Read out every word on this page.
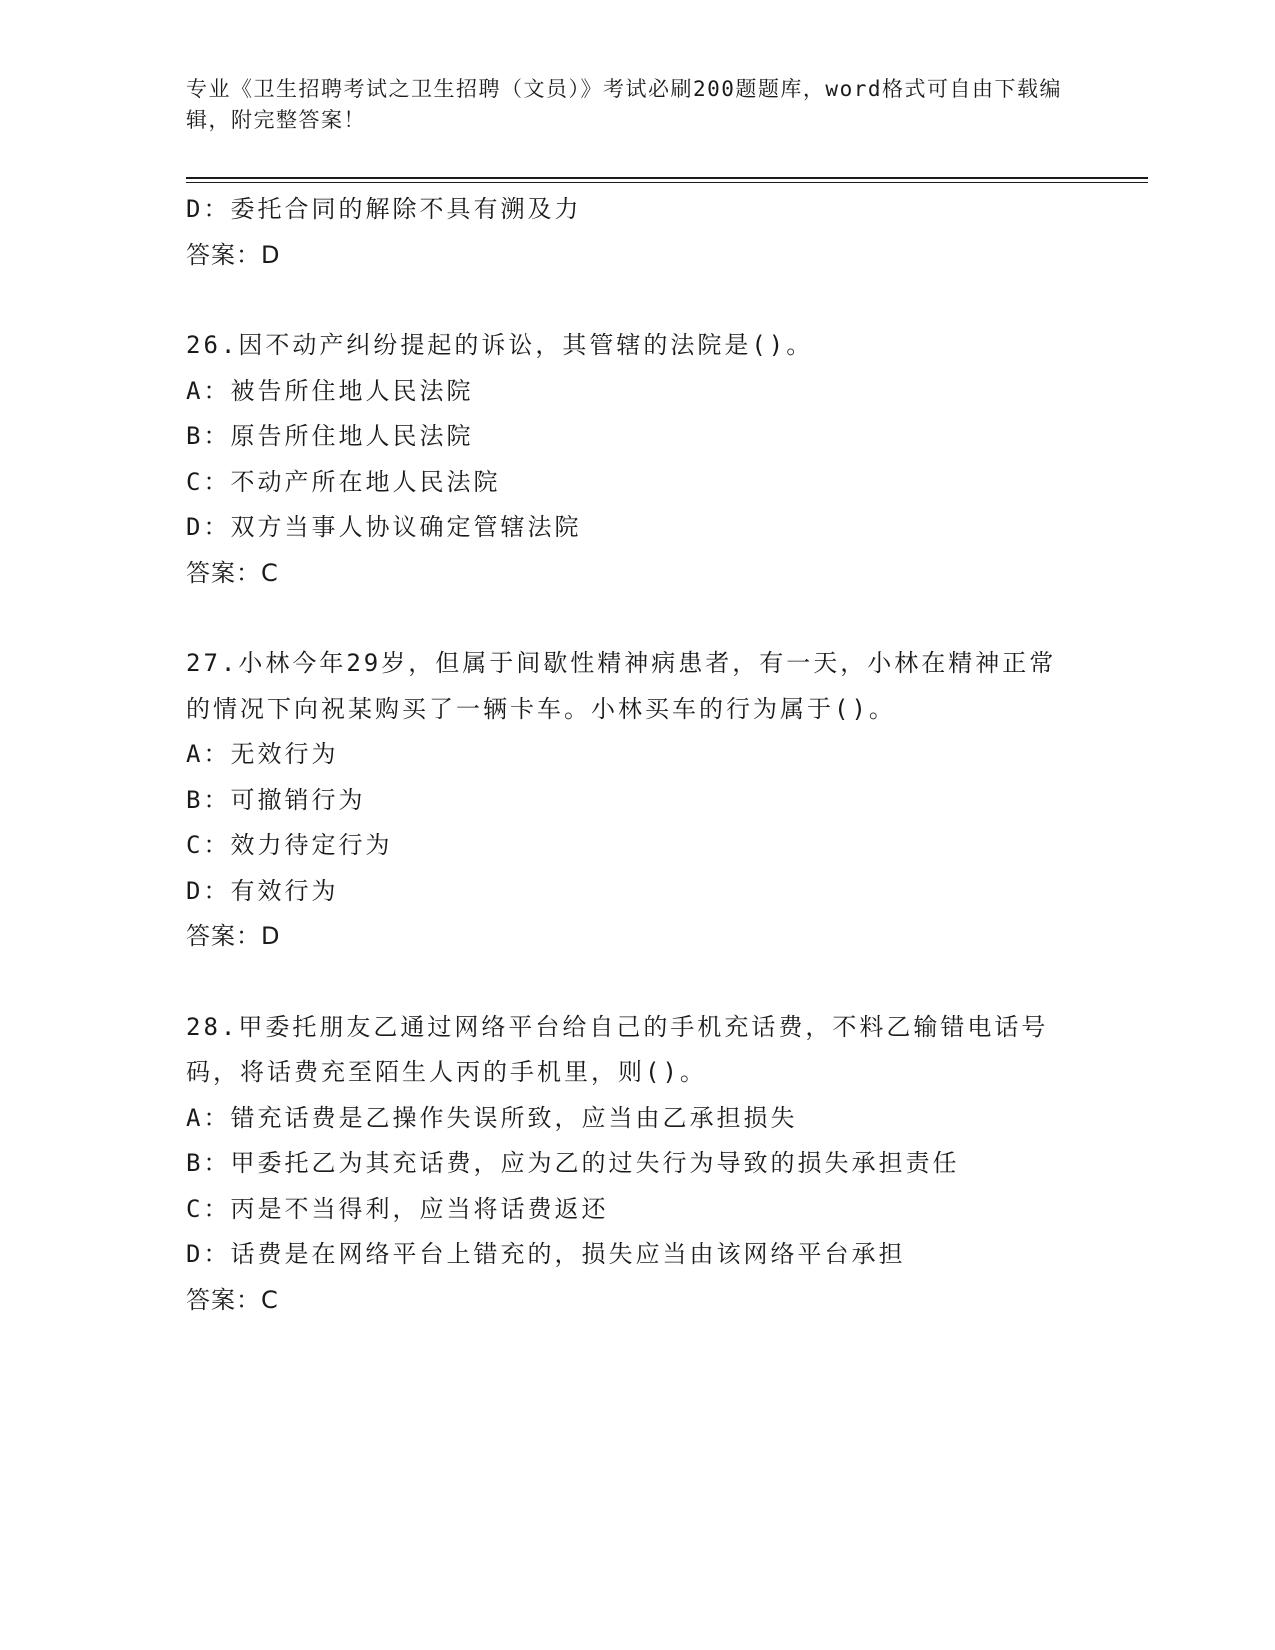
专业《卫生招聘考试之卫生招聘（文员）》考试必刷200题题库，word格式可自由下载编辑，附完整答案！
D：委托合同的解除不具有溯及力
答案：D
26.因不动产纠纷提起的诉讼，其管辖的法院是()。
A：被告所住地人民法院
B：原告所住地人民法院
C：不动产所在地人民法院
D：双方当事人协议确定管辖法院
答案：C
27.小林今年29岁，但属于间歇性精神病患者，有一天，小林在精神正常的情况下向祝某购买了一辆卡车。小林买车的行为属于()。
A：无效行为
B：可撤销行为
C：效力待定行为
D：有效行为
答案：D
28.甲委托朋友乙通过网络平台给自己的手机充话费，不料乙输错电话号码，将话费充至陌生人丙的手机里，则()。
A：错充话费是乙操作失误所致，应当由乙承担损失
B：甲委托乙为其充话费，应为乙的过失行为导致的损失承担责任
C：丙是不当得利，应当将话费返还
D：话费是在网络平台上错充的，损失应当由该网络平台承担
答案：C
